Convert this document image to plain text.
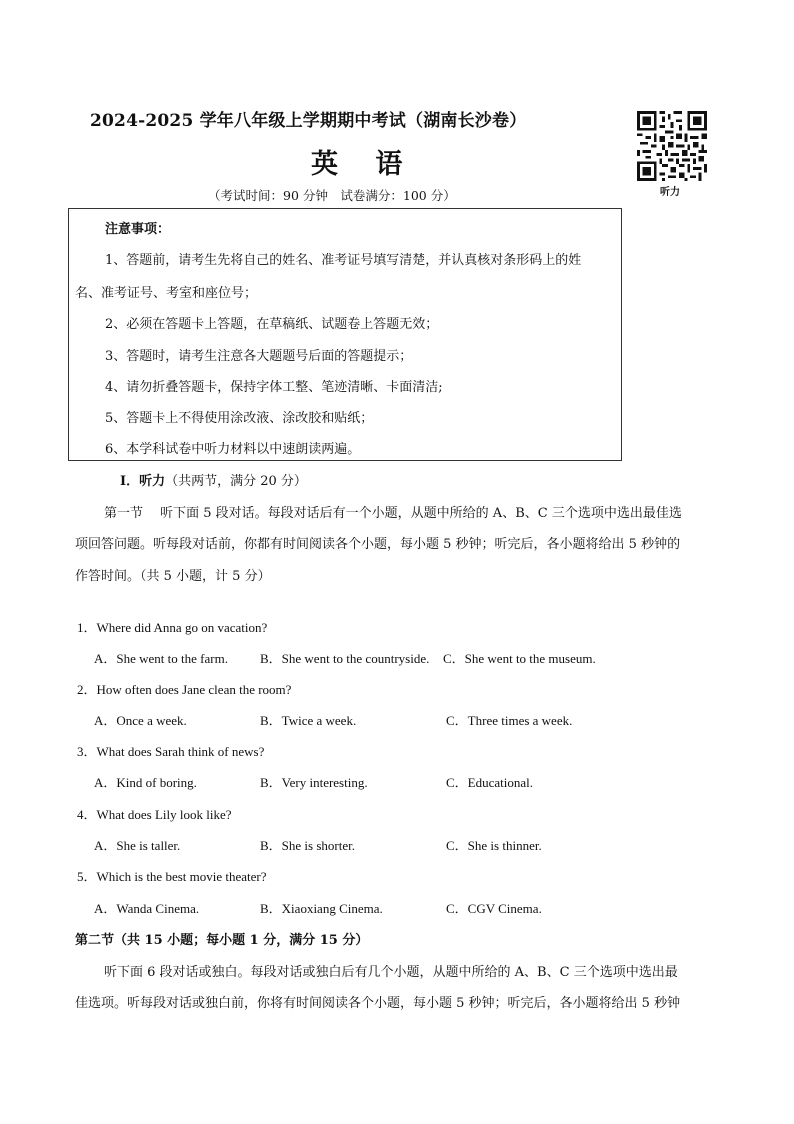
2024-2025 学年八年级上学期期中考试（湖南长沙卷）
英 语
（考试时间：90 分钟　试卷满分：100 分）	听力
注意事项：
1、答题前，请考生先将自己的姓名、准考证号填写清楚，并认真核对条形码上的姓
名、准考证号、考室和座位号；
2、必须在答题卡上答题，在草稿纸、试题卷上答题无效；
3、答题时，请考生注意各大题题号后面的答题提示；
4、请勿折叠答题卡，保持字体工整、笔迹清晰、卡面清洁;
5、答题卡上不得使用涂改液、涂改胶和贴纸；
6、本学科试卷中听力材料以中速朗读两遍。
I．听力（共两节，满分 20 分）
第一节　 听下面 5 段对话。每段对话后有一个小题，从题中所给的 A、B、C 三个选项中选出最佳选
项回答问题。听每段对话前，你都有时间阅读各个小题，每小题 5 秒钟；听完后，各小题将给出 5 秒钟的
作答时间。（共 5 小题，计 5 分）
1．Where did Anna go on vacation?
A．She went to the farm. B．She went to the countryside. C．She went to the museum.
2．How often does Jane clean the room?
A．Once a week.	B．Twice a week.	C．Three times a week.
3．What does Sarah think of news?
A．Kind of boring.	B．Very interesting.	C．Educational.
4．What does Lily look like?
A．She is taller.	B．She is shorter.	C．She is thinner.
5．Which is the best movie theater?
A．Wanda Cinema.	B．Xiaoxiang Cinema.	C．CGV Cinema.
第二节（共 15 小题；每小题 1 分，满分 15 分）
听下面 6 段对话或独白。每段对话或独白后有几个小题，从题中所给的 A、B、C 三个选项中选出最
佳选项。听每段对话或独白前，你将有时间阅读各个小题，每小题 5 秒钟；听完后，各小题将给出 5 秒钟
